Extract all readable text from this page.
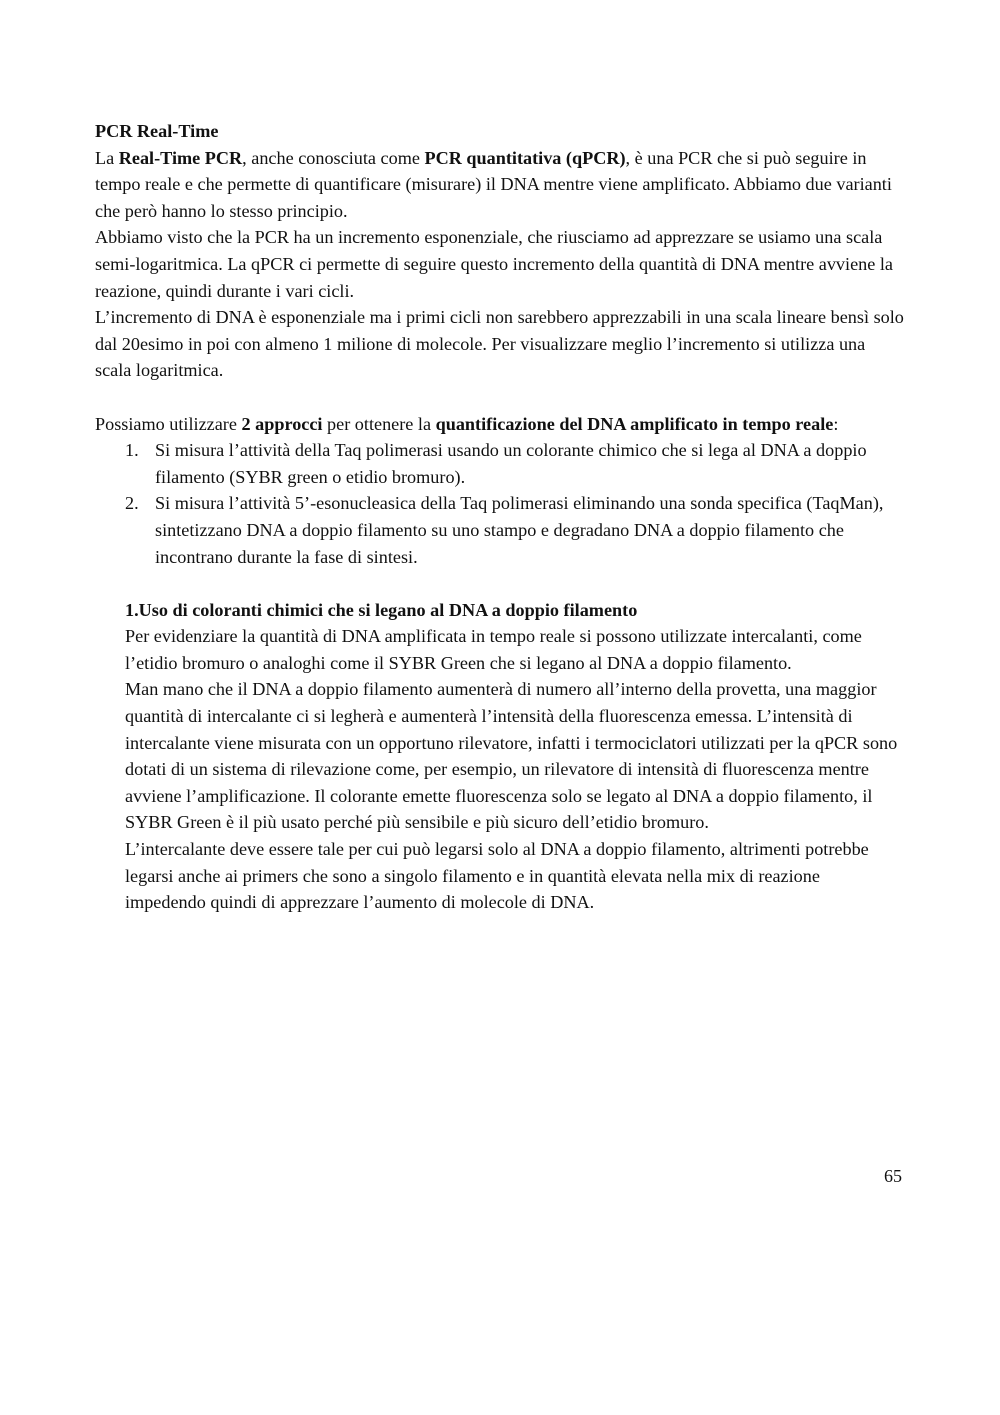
PCR Real-Time

La Real-Time PCR, anche conosciuta come PCR quantitativa (qPCR), è una PCR che si può seguire in tempo reale e che permette di quantificare (misurare) il DNA mentre viene amplificato. Abbiamo due varianti che però hanno lo stesso principio.

Abbiamo visto che la PCR ha un incremento esponenziale, che riusciamo ad apprezzare se usiamo una scala semi-logaritmica. La qPCR ci permette di seguire questo incremento della quantità di DNA mentre avviene la reazione, quindi durante i vari cicli.

L’incremento di DNA è esponenziale ma i primi cicli non sarebbero apprezzabili in una scala lineare bensì solo dal 20esimo in poi con almeno 1 milione di molecole. Per visualizzare meglio l’incremento si utilizza una scala logaritmica.

Possiamo utilizzare 2 approcci per ottenere la quantificazione del DNA amplificato in tempo reale:

1. Si misura l’attività della Taq polimerasi usando un colorante chimico che si lega al DNA a doppio filamento (SYBR green o etidio bromuro).
2. Si misura l’attività 5’-esonucleasica della Taq polimerasi eliminando una sonda specifica (TaqMan), sintetizzano DNA a doppio filamento su uno stampo e degradano DNA a doppio filamento che incontrano durante la fase di sintesi.

1.Uso di coloranti chimici che si legano al DNA a doppio filamento

Per evidenziare la quantità di DNA amplificata in tempo reale si possono utilizzate intercalanti, come l’etidio bromuro o analoghi come il SYBR Green che si legano al DNA a doppio filamento.

Man mano che il DNA a doppio filamento aumenterà di numero all’interno della provetta, una maggior quantità di intercalante ci si legherà e aumenterà l’intensità della fluorescenza emessa. L’intensità di intercalante viene misurata con un opportuno rilevatore, infatti i termociclatori utilizzati per la qPCR sono dotati di un sistema di rilevazione come, per esempio, un rilevatore di intensità di fluorescenza mentre avviene l’amplificazione. Il colorante emette fluorescenza solo se legato al DNA a doppio filamento, il SYBR Green è il più usato perché più sensibile e più sicuro dell’etidio bromuro.

L’intercalante deve essere tale per cui può legarsi solo al DNA a doppio filamento, altrimenti potrebbe legarsi anche ai primers che sono a singolo filamento e in quantità elevata nella mix di reazione impedendo quindi di apprezzare l’aumento di molecole di DNA.

65
